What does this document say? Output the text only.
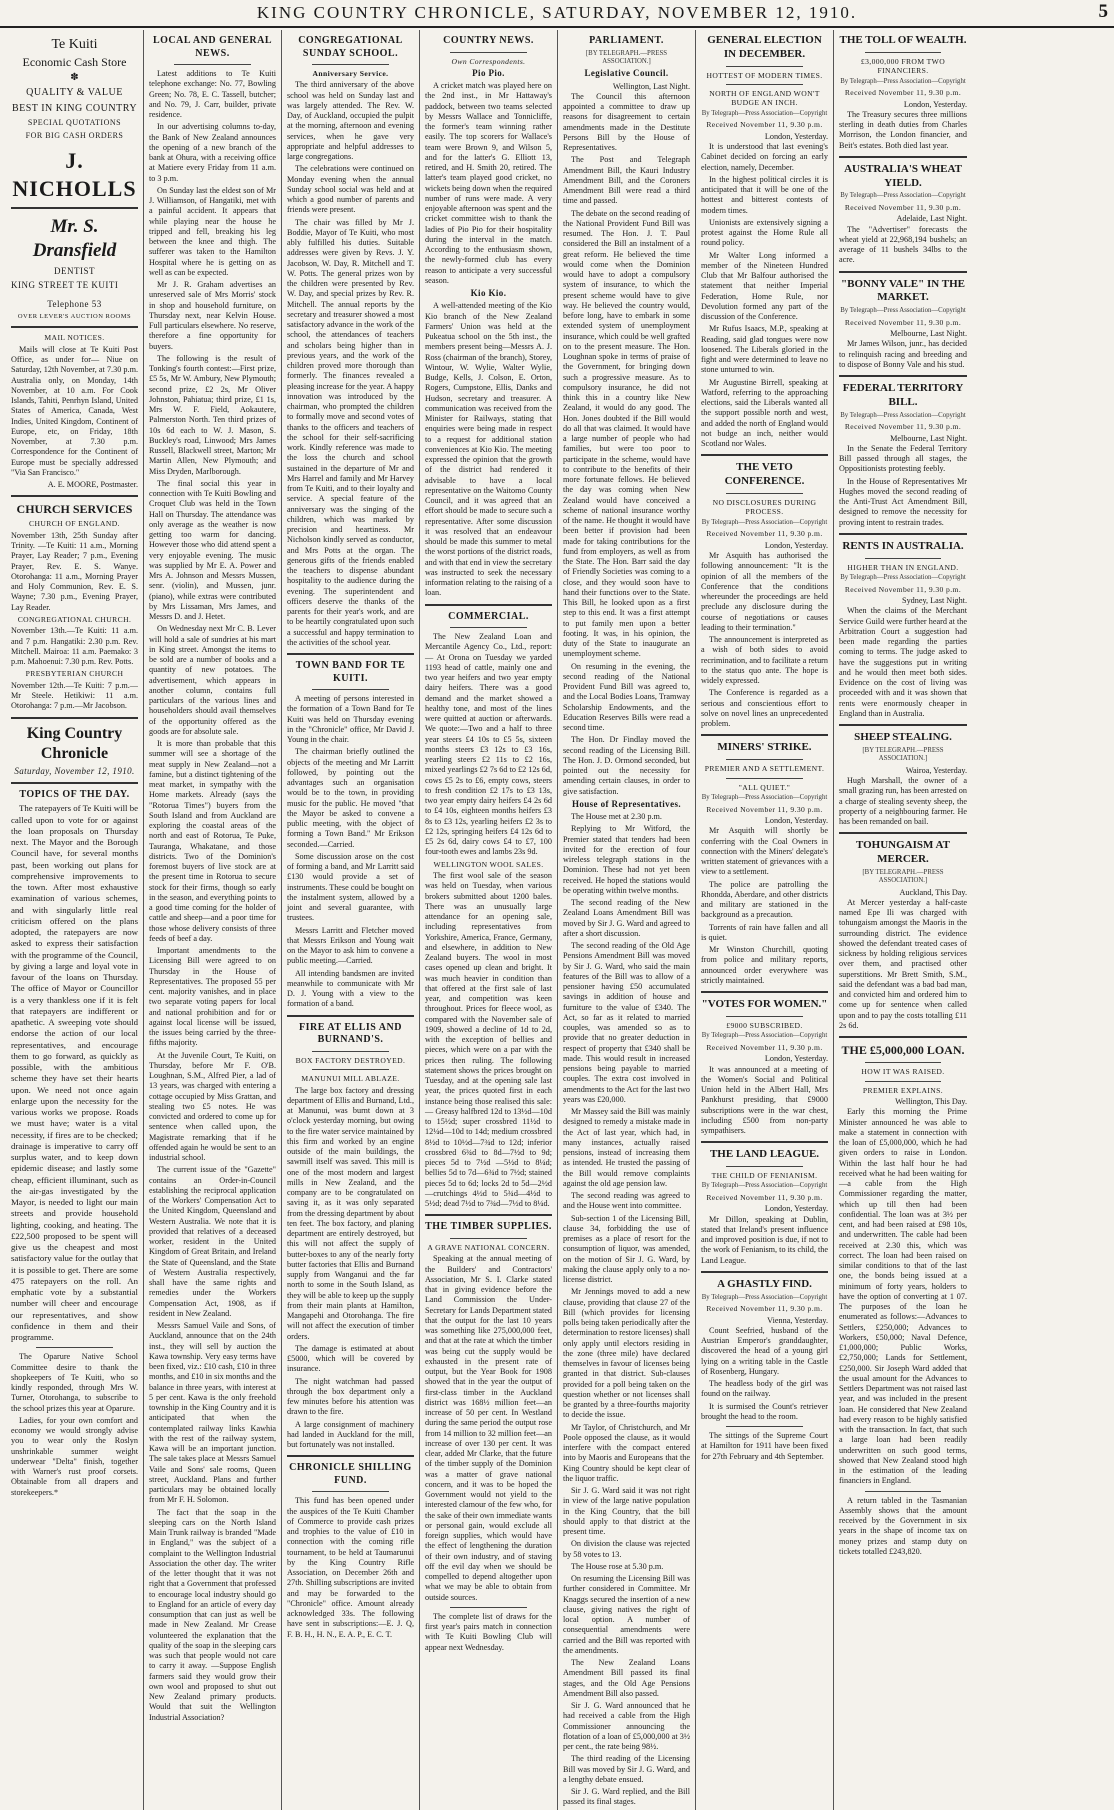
KING COUNTRY CHRONICLE, SATURDAY, NOVEMBER 12, 1910.	5
Te Kuiti
Economic Cash Store
✽
QUALITY & VALUE
BEST IN KING COUNTRY
SPECIAL QUOTATIONS
FOR BIG CASH ORDERS
J. NICHOLLS
Mr. S. Dransfield
DENTIST
KING STREET TE KUITI
Telephone 53
OVER LEVER'S AUCTION ROOMS
MAIL NOTICES.

Mails will close at Te Kuiti Post Office, as under for— Niue on Saturday, 12th November, at 7.30 p.m. Australia only, on Monday, 14th November, at 10 a.m. For Cook Islands, Tahiti, Penrhyn Island, United States of America, Canada, West Indies, United Kingdom, Continent of Europe, etc, on Friday, 18th November, at 7.30 p.m. Correspondence for the Continent of Europe must be specially addressed "Via San Francisco."

A. E. MOORE, Postmaster.
CHURCH SERVICES
CHURCH OF ENGLAND.

November 13th, 25th Sunday after Trinity. —Te Kuiti: 11 a.m., Morning Prayer, Lay Reader; 7 p.m., Evening Prayer, Rev. E. S. Wanye. Otorohanga: 11 a.m., Morning Prayer and Holy Communion, Rev. E. S. Wayne; 7.30 p.m., Evening Prayer, Lay Reader.

CONGREGATIONAL CHURCH.

November 13th.—Te Kuiti: 11 a.m. and 7 p.m. Hangatiki: 2.30 p.m. Rev. Mitchell. Mairoa: 11 a.m. Paemako: 3 p.m. Mahoenui: 7.30 p.m. Rev. Potts.

PRESBYTERIAN CHURCH

November 12th.—Te Kuiti: 7 p.m.— Mr Steele. Hetikiwi: 11 a.m. Otorohanga: 7 p.m.—Mr Jacobson.

King Country Chronicle
Saturday, November 12, 1910.
TOPICS OF THE DAY.

The ratepayers of Te Kuiti will be called upon to vote for or against the loan proposals on Thursday next. The Mayor and the Borough Council have, for several months past, been working out plans for comprehensive improvements to the town. After most exhaustive examination of various schemes, and with singularly little real criticism offered on the plans adopted, the ratepayers are now asked to express their satisfaction with the programme of the Council, by giving a large and loyal vote in favour of the loans on Thursday. The office of Mayor or Councillor is a very thankless one if it is felt that ratepayers are indifferent or apathetic. A sweeping vote should endorse the action of our local representatives, and encourage them to go forward, as quickly as possible, with the ambitious scheme they have set their hearts upon. We need not once again enlarge upon the necessity for the various works we propose. Roads we must have; water is a vital necessity, if fires are to be checked; drainage is imperative to carry off surplus water, and to keep down epidemic disease; and lastly some cheap, efficient illuminant, such as the air-gas investigated by the Mayor, is needed to light our main streets and provide household lighting, cooking, and heating. The £22,500 proposed to be spent will give us the cheapest and most satisfactory value for the outlay that it is possible to get. There are some 475 ratepayers on the roll. An emphatic vote by a substantial number will cheer and encourage our representatives, and show confidence in them and their programme.

The Oparure Native School Committee desire to thank the shopkeepers of Te Kuiti, who so kindly responded, through Mrs W. Turner, Otorohanga, to subscribe to the school prizes this year at Oparure.

Ladies, for your own comfort and economy we would strongly advise you to wear only the Roslyn unshrinkable summer weight underwear "Delta" finish, together with Warner's rust proof corsets. Obtainable from all drapers and storekeepers.*

LOCAL AND GENERAL NEWS.

Latest additions to Te Kuiti telephone exchange: No. 77, Bowling Green; No. 78, E. C. Tassell, butcher; and No. 79, J. Carr, builder, private residence.

In our advertising columns to-day, the Bank of New Zealand announces the opening of a new branch of the bank at Ohura, with a receiving office at Matiere every Friday from 11 a.m. to 3 p.m.

On Sunday last the eldest son of Mr J. Williamson, of Hangatiki, met with a painful accident. It appears that while playing near the house he tripped and fell, breaking his leg between the knee and thigh. The sufferer was taken to the Hamilton Hospital where he is getting on as well as can be expected.

Mr J. R. Graham advertises an unreserved sale of Mrs Morris' stock in shop and household furniture, on Thursday next, near Kelvin House. Full particulars elsewhere. No reserve, therefore a fine opportunity for buyers.

The following is the result of Tonking's fourth contest:—First prize, £5 5s, Mr W. Ambury, New Plymouth; second prize, £2 2s, Mr Oliver Johnston, Pahiatua; third prize, £1 1s, Mrs W. F. Field, Aokautere, Palmerston North. Ten third prizes of 10s 6d each to W. J. Mason, S. Buckley's road, Linwood; Mrs James Russell, Blackwell street, Marton; Mr Martin Allen, New Plymouth; and Miss Dryden, Marlborough.

The final social this year in connection with Te Kuiti Bowling and Croquet Club was held in the Town Hall on Thursday. The attendance was only average as the weather is now getting too warm for dancing. However those who did attend spent a very enjoyable evening. The music was supplied by Mr E. A. Power and Mrs A. Johnson and Messrs Mussen, senr. (violin), and Mussen, junr. (piano), while extras were contributed by Mrs Lissaman, Mrs James, and Messrs D. and J. Hetet.

On Wednesday next Mr C. B. Lever will hold a sale of sundries at his mart in King street. Amongst the items to be sold are a number of books and a quantity of new potatoes. The advertisement, which appears in another column, contains full particulars of the various lines and householders should avail themselves of the opportunity offered as the goods are for absolute sale.

It is more than probable that this summer will see a shortage of the meat supply in New Zealand—not a famine, but a distinct tightening of the meat market, in sympathy with the Home markets. Already (says the "Rotorua Times") buyers from the South Island and from Auckland are exploring the coastal areas of the north and east of Rotorua, Te Puke, Tauranga, Whakatane, and those districts. Two of the Dominion's foremost buyers of live stock are at the present time in Rotorua to secure stock for their firms, though so early in the season, and everything points to a good time coming for the holder of cattle and sheep—and a poor time for those whose delivery consists of three feeds of beef a day.

Important amendments to the Licensing Bill were agreed to on Thursday in the House of Representatives. The proposed 55 per cent. majority vanishes, and in place two separate voting papers for local and national prohibition and for or against local license will be issued, the issues being carried by the three-fifths majority.

At the Juvenile Court, Te Kuiti, on Thursday, before Mr F. O'B. Loughnan, S.M., Alfred Pier, a lad of 13 years, was charged with entering a cottage occupied by Miss Grattan, and stealing two £5 notes. He was convicted and ordered to come up for sentence when called upon, the Magistrate remarking that if he offended again he would be sent to an industrial school.

The current issue of the "Gazette" contains an Order-in-Council establishing the reciprocal application of the Workers' Compensation Act to the United Kingdom, Queensland and Western Australia. We note that it is provided that relatives of a deceased worker, resident in the United Kingdom of Great Britain, and Ireland the State of Queensland, and the State of Western Australia respectively, shall have the same rights and remedies under the Workers Compensation Act, 1908, as if resident in New Zealand.

Messrs Samuel Vaile and Sons, of Auckland, announce that on the 24th inst., they will sell by auction the Kawa township. Very easy terms have been fixed, viz.: £10 cash, £10 in three months, and £10 in six months and the balance in three years, with interest at 5 per cent. Kawa is the only freehold township in the King Country and it is anticipated that when the contemplated railway links Kawhia with the rest of the railway system, Kawa will be an important junction. The sale takes place at Messrs Samuel Vaile and Sons' sale rooms, Queen street, Auckland. Plans and further particulars may be obtained locally from Mr F. H. Solomon.

The fact that the soap in the sleeping cars on the North Island Main Trunk railway is branded "Made in England," was the subject of a complaint to the Wellington Industrial Association the other day. The writer of the letter thought that it was not right that a Government that professed to encourage local industry should go to England for an article of every day consumption that can just as well be made in New Zealand. Mr Crease volunteered the explanation that the quality of the soap in the sleeping cars was such that people would not care to carry it away. —Suppose English farmers said they would grow their own wool and proposed to shut out New Zealand primary products. Would that suit the Wellington Industrial Association?

CONGREGATIONAL SUNDAY SCHOOL.
Anniversary Service.

The third anniversary of the above school was held on Sunday last and was largely attended. The Rev. W. Day, of Auckland, occupied the pulpit at the morning, afternoon and evening services, when he gave very appropriate and helpful addresses to large congregations.

The celebrations were continued on Monday evening when the annual Sunday school social was held and at which a good number of parents and friends were present.

The chair was filled by Mr J. Boddie, Mayor of Te Kuiti, who most ably fulfilled his duties. Suitable addresses were given by Revs. J. Y. Jacobson, W. Day, R. Mitchell and T. W. Potts. The general prizes won by the children were presented by Rev. W. Day, and special prizes by Rev. R. Mitchell. The annual reports by the secretary and treasurer showed a most satisfactory advance in the work of the school, the attendances of teachers and scholars being higher than in previous years, and the work of the children proved more thorough than formerly. The finances revealed a pleasing increase for the year. A happy innovation was introduced by the chairman, who prompted the children to formally move and second votes of thanks to the officers and teachers of the school for their self-sacrificing work. Kindly reference was made to the loss the church and school sustained in the departure of Mr and Mrs Harrel and family and Mr Harvey from Te Kuiti, and to their loyalty and service. A special feature of the anniversary was the singing of the children, which was marked by precision and heartiness. Mr Nicholson kindly served as conductor, and Mrs Potts at the organ. The generous gifts of the friends enabled the teachers to dispense abundant hospitality to the audience during the evening. The superintendent and officers deserve the thanks of the parents for their year's work, and are to be heartily congratulated upon such a successful and happy termination to the activities of the school year.

TOWN BAND FOR TE KUITI.

A meeting of persons interested in the formation of a Town Band for Te Kuiti was held on Thursday evening in the "Chronicle" office, Mr David J. Young in the chair.

The chairman briefly outlined the objects of the meeting and Mr Larritt followed, by pointing out the advantages such an organisation would be to the town, in providing music for the public. He moved "that the Mayor be asked to convene a public meeting, with the object of forming a Town Band." Mr Erikson seconded.—Carried.

Some discussion arose on the cost of forming a band, and Mr Larritt said £130 would provide a set of instruments. These could be bought on the instalment system, allowed by a joint and several guarantee, with trustees.

Messrs Larritt and Fletcher moved that Messrs Erikson and Young wait on the Mayor to ask him to convene a public meeting.—Carried.

All intending bandsmen are invited meanwhile to communicate with Mr D. J. Young with a view to the formation of a band.

FIRE AT ELLIS AND BURNAND'S.
BOX FACTORY DESTROYED.
MANUNUI MILL ABLAZE.

The large box factory and dressing department of Ellis and Burnand, Ltd., at Manunui, was burnt down at 3 o'clock yesterday morning, but owing to the fire water service maintained by this firm and worked by an engine outside of the main buildings, the sawmill itself was saved. This mill is one of the most modern and largest mills in New Zealand, and the company are to be congratulated on saving it, as it was only separated from the dressing department by about ten feet. The box factory, and planing department are entirely destroyed, but this will not affect the supply of butter-boxes to any of the nearly forty butter factories that Ellis and Burnand supply from Wanganui and the far north to some in the South Island, as they will be able to keep up the supply from their main plants at Hamilton, Mangapehi and Otorohanga. The fire will not affect the execution of timber orders.

The damage is estimated at about £5000, which will be covered by insurance.

The night watchman had passed through the box department only a few minutes before his attention was drawn to the fire.

A large consignment of machinery had landed in Auckland for the mill, but fortunately was not installed.

CHRONICLE SHILLING FUND.

This fund has been opened under the auspices of the Te Kuiti Chamber of Commerce to provide cash prizes and trophies to the value of £10 in connection with the coming rifle tournament, to be held at Taumarunui by the King Country Rifle Association, on December 26th and 27th. Shilling subscriptions are invited and may be forwarded to the "Chronicle" office. Amount already acknowledged 33s. The following have sent in subscriptions:—E. J. Q, F. B. H., H. N., E. A. P., E. C. T.

COUNTRY NEWS.
Own Correspondents.
Pio Pio.

A cricket match was played here on the 2nd inst., in Mr Hattaway's paddock, between two teams selected by Messrs Wallace and Tonnicliffe, the former's team winning rather easily. The top scorers for Wallace's team were Brown 9, and Wilson 5, and for the latter's G. Elliott 13, retired, and H. Smith 20, retired. The latter's team played good cricket, no wickets being down when the required number of runs were made. A very enjoyable afternoon was spent and the cricket committee wish to thank the ladies of Pio Pio for their hospitality during the interval in the match. According to the enthusiasm shown, the newly-formed club has every reason to anticipate a very successful season.

Kio Kio.

A well-attended meeting of the Kio Kio branch of the New Zealand Farmers' Union was held at the Pukeatua school on the 5th inst., the members present being—Messrs A. J. Ross (chairman of the branch), Storey, Wintour, W. Wylie, Walter Wylie, Budge, Kells, J. Colson, E. Orton, Rogers, Cumpstone, Ellis, Danks and Hudson, secretary and treasurer. A communication was received from the Minister for Railways, stating that enquiries were being made in respect to a request for additional station conveniences at Kio Kio. The meeting expressed the opinion that the growth of the district had rendered it advisable to have a local representative on the Waitomo County Council, and it was agreed that an effort should be made to secure such a representative. After some discussion it was resolved that an endeavour should be made this summer to metal the worst portions of the district roads, and with that end in view the secretary was instructed to seek the necessary information relating to the raising of a loan.

COMMERCIAL.

The New Zealand Loan and Mercantile Agency Co., Ltd., report:— At Orona on Tuesday we yarded 1193 head of cattle, mainly one and two year heifers and two year empty dairy heifers. There was a good demand and the market showed a healthy tone, and most of the lines were quitted at auction or afterwards. We quote:—Two and a half to three year steers £4 10s to £5 5s, sixteen months steers £3 12s to £3 16s, yearling steers £2 11s to £2 16s, mixed yearlings £2 7s 6d to £2 12s 6d, cows £5 2s to £6, empty cows, steers to fresh condition £2 17s to £3 13s, two year empty dairy heifers £4 2s 6d to £4 10s, eighteen months heifers £3 8s to £3 12s, yearling heifers £2 3s to £2 12s, springing heifers £4 12s 6d to £5 2s 6d, dairy cows £4 to £7, 100 four-tooth ewes and lambs 23s 9d.

WELLINGTON WOOL SALES.

The first wool sale of the season was held on Tuesday, when various brokers submitted about 1200 bales. There was an unusually large attendance for an opening sale, including representatives from Yorkshire, America, France, Germany, and elsewhere, in addition to New Zealand buyers. The wool in most cases opened up clean and bright. It was much heavier in condition than that offered at the first sale of last year, and competition was keen throughout. Prices for fleece wool, as compared with the November sale of 1909, showed a decline of 1d to 2d, with the exception of bellies and pieces, which were on a par with the prices then ruling. The following statement shows the prices brought on Tuesday, and at the opening sale last year, the prices quoted first in each instance being those realised this sale:— Greasy halfbred 12d to 13½d—10d to 15½d; super crossbred 11½d to 12¼d—10d to 14d; medium crossbred 8½d to 10½d—7¾d to 12d; inferior crossbred 6¾d to 8d—7½d to 9d; pieces 5d to 7½d —5½d to 8¼d; bellies 5d to 7d—6¾d to 7½d; stained pieces 5d to 6d; locks 2d to 5d—2½d—crutchings 4½d to 5¾d—4½d to 5½d; dead 7½d to 7¾d—7½d to 8¼d.

THE TIMBER SUPPLIES.
A GRAVE NATIONAL CONCERN.

Speaking at the annual meeting of the Builders' and Contractors' Association, Mr S. I. Clarke stated that in giving evidence before the Land Commission the Under-Secretary for Lands Department stated that the output for the last 10 years was something like 275,000,000 feet, and that at the rate at which the timber was being cut the supply would be exhausted in the present rate of output, but the Year Book for 1908 showed that in the year the output of first-class timber in the Auckland district was 168½ million feet—an increase of 50 per cent. In Westland during the same period the output rose from 14 million to 32 million feet—an increase of over 130 per cent. It was clear, added Mr Clarke, that the future of the timber supply of the Dominion was a matter of grave national concern, and it was to be hoped the Government would not yield to the interested clamour of the few who, for the sake of their own immediate wants or personal gain, would exclude all foreign supplies, which would have the effect of lengthening the duration of their own industry, and of staving off the evil day when we should be compelled to depend altogether upon what we may be able to obtain from outside sources.

The complete list of draws for the first year's pairs match in connection with Te Kuiti Bowling Club will appear next Wednesday.

PARLIAMENT.
[BY TELEGRAPH.—PRESS ASSOCIATION.]
Legislative Council.
Wellington, Last Night.

The Council this afternoon appointed a committee to draw up reasons for disagreement to certain amendments made in the Destitute Persons Bill by the House of Representatives.

The Post and Telegraph Amendment Bill, the Kauri Industry Amendment Bill, and the Coroners Amendment Bill were read a third time and passed.

The debate on the second reading of the National Provident Fund Bill was resumed. The Hon. J. T. Paul considered the Bill an instalment of a great reform. He believed the time would come when the Dominion would have to adopt a compulsory system of insurance, to which the present scheme would have to give way. He believed the country would, before long, have to embark in some extended system of unemployment insurance, which could be well grafted on to the present measure. The Hon. Loughnan spoke in terms of praise of the Government, for bringing down such a progressive measure. As to compulsory insurance, he did not think this in a country like New Zealand, it would do any good. The Hon. Jones doubted if the Bill would do all that was claimed. It would have a large number of people who had families, but were too poor to participate in the scheme, would have to contribute to the benefits of their more fortunate fellows. He believed the day was coming when New Zealand would have conceived a scheme of national insurance worthy of the name. He thought it would have been better if provision had been made for taking contributions for the fund from employers, as well as from the State. The Hon. Barr said the day of Friendly Societies was coming to a close, and they would soon have to hand their functions over to the State. This Bill, he looked upon as a first step to this end. It was a first attempt to put family men upon a better footing. It was, in his opinion, the duty of the State to inaugurate an unemployment scheme.

On resuming in the evening, the second reading of the National Provident Fund Bill was agreed to, and the Local Bodies Loans, Tramway Scholarship Endowments, and the Education Reserves Bills were read a second time.

The Hon. Dr Findlay moved the second reading of the Licensing Bill. The Hon. J. D. Ormond seconded, but pointed out the necessity for amending certain clauses, in order to give satisfaction.

House of Representatives.

The House met at 2.30 p.m.

Replying to Mr Witford, the Premier stated that tenders had been invited for the erection of four wireless telegraph stations in the Dominion. These had not yet been received. He hoped the stations would be operating within twelve months.

The second reading of the New Zealand Loans Amendment Bill was moved by Sir J. G. Ward and agreed to after a short discussion.

The second reading of the Old Age Pensions Amendment Bill was moved by Sir J. G. Ward, who said the main features of the Bill was to allow of a pensioner having £50 accumulated savings in addition of house and furniture to the value of £340. The Act, so far as it related to married couples, was amended so as to provide that no greater deduction in respect of property that £340 shall be made. This would result in increased pensions being payable to married couples. The extra cost involved in amendments to the Act for the last two years was £20,000.

Mr Massey said the Bill was mainly designed to remedy a mistake made in the Act of last year, which had, in many instances, actually raised pensions, instead of increasing them as intended. He trusted the passing of the Bill would remove complaints against the old age pension law.

The second reading was agreed to and the House went into committee.

Sub-section 1 of the Licensing Bill, clause 34, forbidding the use of premises as a place of resort for the consumption of liquor, was amended, on the motion of Sir J. G. Ward, by making the clause apply only to a no-license district.

Mr Jennings moved to add a new clause, providing that clause 27 of the Bill (which provides for licensing polls being taken periodically after the determination to restore licenses) shall only apply until electors residing in the zone (three mile) have declared themselves in favour of licenses being granted in that district. Sub-clauses provided for a poll being taken on the question whether or not licenses shall be granted by a three-fourths majority to decide the issue.

Mr Taylor, of Christchurch, and Mr Poole opposed the clause, as it would interfere with the compact entered into by Maoris and Europeans that the King Country should be kept clear of the liquor traffic.

Sir J. G. Ward said it was not right in view of the large native population in the King Country, that the bill should apply to that district at the present time.

On division the clause was rejected by 58 votes to 13.

The House rose at 5.30 p.m.

On resuming the Licensing Bill was further considered in Committee. Mr Knaggs secured the insertion of a new clause, giving natives the right of local option. A number of consequential amendments were carried and the Bill was reported with the amendments.

The New Zealand Loans Amendment Bill passed its final stages, and the Old Age Pensions Amendment Bill also passed.

Sir J. G. Ward announced that he had received a cable from the High Commissioner announcing the flotation of a loan of £5,000,000 at 3½ per cent., the rate being 98½.

The third reading of the Licensing Bill was moved by Sir J. G. Ward, and a lengthy debate ensued.

Sir J. G. Ward replied, and the Bill passed its final stages.

GENERAL ELECTION IN DECEMBER.
HOTTEST OF MODERN TIMES.
NORTH OF ENGLAND WON'T BUDGE AN INCH.
By Telegraph—Press Association—Copyright
Received November 11, 9.30 p.m.
London, Yesterday.

It is understood that last evening's Cabinet decided on forcing an early election, namely, December.

In the highest political circles it is anticipated that it will be one of the hottest and bitterest contests of modern times.

Unionists are extensively signing a protest against the Home Rule all round policy.

Mr Walter Long informed a member of the Nineteen Hundred Club that Mr Balfour authorised the statement that neither Imperial Federation, Home Rule, nor Devolution formed any part of the discussion of the Conference.

Mr Rufus Isaacs, M.P., speaking at Reading, said glad tongues were now loosened. The Liberals gloried in the fight and were determined to leave no stone unturned to win.

Mr Augustine Birrell, speaking at Watford, referring to the approaching elections, said the Liberals wanted all the support possible north and west, and added the north of England would not budge an inch, neither would Scotland nor Wales.

THE VETO CONFERENCE.
NO DISCLOSURES DURING PROCESS.
By Telegraph—Press Association—Copyright
Received November 11, 9.30 p.m.
London, Yesterday.

Mr Asquith has authorised the following announcement: "It is the opinion of all the members of the Conference that the conditions whereunder the proceedings are held preclude any disclosure during the course of negotiations or causes leading to their termination."

The announcement is interpreted as a wish of both sides to avoid recrimination, and to facilitate a return to the status quo ante. The hope is widely expressed.

The Conference is regarded as a serious and conscientious effort to solve on novel lines an unprecedented problem.

MINERS' STRIKE.
PREMIER AND A SETTLEMENT.
"ALL QUIET."
By Telegraph—Press Association—Copyright
Received November 11, 9.30 p.m.
London, Yesterday.

Mr Asquith will shortly be conferring with the Coal Owners in connection with the Miners' delegate's written statement of grievances with a view to a settlement.

The police are patrolling the Rhondda, Aberdare, and other districts and military are stationed in the background as a precaution.

Torrents of rain have fallen and all is quiet.

Mr Winston Churchill, quoting from police and military reports, announced order everywhere was strictly maintained.

"VOTES FOR WOMEN."
£9000 SUBSCRIBED.
By Telegraph—Press Association—Copyright
Received November 11, 9.30 p.m.
London, Yesterday.

It was announced at a meeting of the Women's Social and Political Union held in the Albert Hall, Mrs Pankhurst presiding, that £9000 subscriptions were in the war chest, including £500 from non-party sympathisers.

THE LAND LEAGUE.
THE CHILD OF FENIANISM.
By Telegraph—Press Association—Copyright
Received November 11, 9.30 p.m.
London, Yesterday.

Mr Dillon, speaking at Dublin, stated that Ireland's present influence and improved position is due, if not to the work of Fenianism, to its child, the Land League.

A GHASTLY FIND.
By Telegraph—Press Association—Copyright
Received November 11, 9.30 p.m.
Vienna, Yesterday.

Count Seefried, husband of the Austrian Emperor's granddaughter, discovered the head of a young girl lying on a writing table in the Castle of Rosenberg, Hungary.

The headless body of the girl was found on the railway.

It is surmised the Count's retriever brought the head to the room.

The sittings of the Supreme Court at Hamilton for 1911 have been fixed for 27th February and 4th September.

THE TOLL OF WEALTH.
£3,000,000 FROM TWO FINANCIERS.
By Telegraph—Press Association—Copyright
Received November 11, 9.30 p.m.
London, Yesterday.

The Treasury secures three millions sterling in death duties from Charles Morrison, the London financier, and Beit's estates. Both died last year.

AUSTRALIA'S WHEAT YIELD.
By Telegraph—Press Association—Copyright
Received November 11, 9.30 p.m.
Adelaide, Last Night.

The "Advertiser" forecasts the wheat yield at 22,968,194 bushels; an average of 11 bushels 34lbs to the acre.

"BONNY VALE" IN THE MARKET.
By Telegraph—Press Association—Copyright
Received November 11, 9.30 p.m.
Melbourne, Last Night.

Mr James Wilson, junr., has decided to relinquish racing and breeding and to dispose of Bonny Vale and his stud.

FEDERAL TERRITORY BILL.
By Telegraph—Press Association—Copyright
Received November 11, 9.30 p.m.
Melbourne, Last Night.

In the Senate the Federal Territory Bill passed through all stages, the Oppositionists protesting feebly.

In the House of Representatives Mr Hughes moved the second reading of the Anti-Trust Act Amendment Bill, designed to remove the necessity for proving intent to restrain trades.

RENTS IN AUSTRALIA.
HIGHER THAN IN ENGLAND.
By Telegraph—Press Association—Copyright
Received November 11, 9.30 p.m.
Sydney, Last Night.

When the claims of the Merchant Service Guild were further heard at the Arbitration Court a suggestion had been made regarding the parties coming to terms. The judge asked to have the suggestions put in writing and he would then meet both sides. Evidence on the cost of living was proceeded with and it was shown that rents were enormously cheaper in England than in Australia.

SHEEP STEALING.
[BY TELEGRAPH.—PRESS ASSOCIATION.]
Wairoa, Yesterday.

Hugh Marshall, the owner of a small grazing run, has been arrested on a charge of stealing seventy sheep, the property of a neighbouring farmer. He has been remanded on bail.

TOHUNGAISM AT MERCER.
[BY TELEGRAPH.—PRESS ASSOCIATION.]
Auckland, This Day.

At Mercer yesterday a half-caste named Epe Ili was charged with tohungaism amongst the Maoris in the surrounding district. The evidence showed the defendant treated cases of sickness by holding religious services over them, and practised other superstitions. Mr Brett Smith, S.M., said the defendant was a bad bad man, and convicted him and ordered him to come up for sentence when called upon and to pay the costs totalling £11 2s 6d.

THE £5,000,000 LOAN.
HOW IT WAS RAISED.
PREMIER EXPLAINS.
Wellington, This Day.

Early this morning the Prime Minister announced he was able to make a statement in connection with the loan of £5,000,000, which he had given orders to raise in London. Within the last half hour he had received what he had been waiting for—a cable from the High Commissioner regarding the matter, which up till then had been confidential. The loan was at 3½ per cent, and had been raised at £98 10s, and underwritten. The cable had been received at 2.30 this, which was correct. The loan had been raised on similar conditions to that of the last one, the bonds being issued at a minimum of forty years, holders to have the option of converting at 1 07. The purposes of the loan he enumerated as follows:—Advances to Settlers, £250,000; Advances to Workers, £50,000; Naval Defence, £1,000,000; Public Works, £2,750,000; Lands for Settlement, £250,000. Sir Joseph Ward added that the usual amount for the Advances to Settlers Department was not raised last year, and was included in the present loan. He considered that New Zealand had every reason to be highly satisfied with the transaction. In fact, that such a large loan had been readily underwritten on such good terms, showed that New Zealand stood high in the estimation of the leading financiers in England.

A return tabled in the Tasmanian Assembly shows that the amount received by the Government in six years in the shape of income tax on money prizes and stamp duty on tickets totalled £243,820.
